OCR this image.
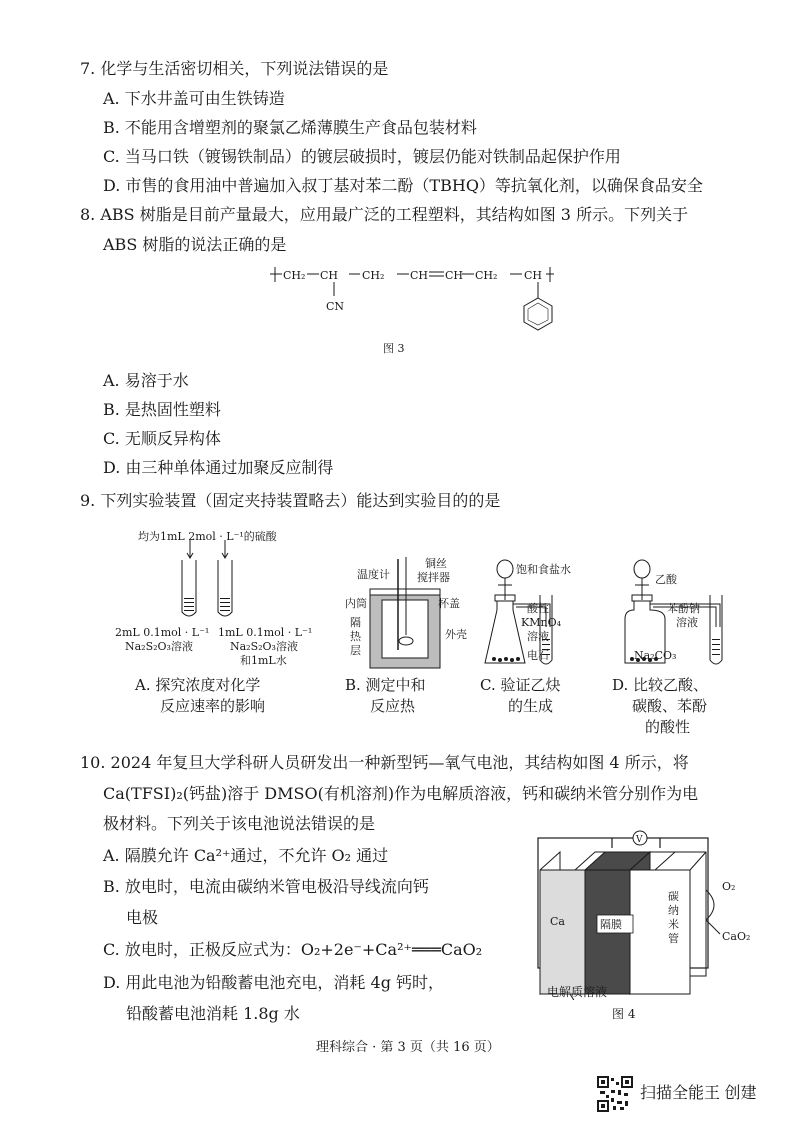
7. 化学与生活密切相关，下列说法错误的是
A. 下水井盖可由生铁铸造
B. 不能用含增塑剂的聚氯乙烯薄膜生产食品包装材料
C. 当马口铁（镀锡铁制品）的镀层破损时，镀层仍能对铁制品起保护作用
D. 市售的食用油中普遍加入叔丁基对苯二酚（TBHQ）等抗氧化剂，以确保食品安全
8. ABS 树脂是目前产量最大，应用最广泛的工程塑料，其结构如图 3 所示。下列关于
ABS 树脂的说法正确的是
CH₂ CH CH₂ CH CH CH₂ CH
CN
图 3
A. 易溶于水
B. 是热固性塑料
C. 无顺反异构体
D. 由三种单体通过加聚反应制得
9. 下列实验装置（固定夹持装置略去）能达到实验目的的是
均为1mL 2mol · L⁻¹的硫酸
2mL 0.1mol · L⁻¹
Na₂S₂O₃溶液
1mL 0.1mol · L⁻¹
Na₂S₂O₃溶液
和1mL水
A. 探究浓度对化学
反应速率的影响
温度计
铜丝
搅拌器
内筒	杯盖
隔
热
层
外壳
B. 测定中和
反应热
饱和食盐水
酸性
KMnO₄
溶液
电石
C. 验证乙炔
的生成
乙酸
苯酚钠
溶液
Na₂CO₃
D. 比较乙酸、
碳酸、苯酚
的酸性
10. 2024 年复旦大学科研人员研发出一种新型钙—氧气电池，其结构如图 4 所示，将
Ca(TFSI)₂(钙盐)溶于 DMSO(有机溶剂)作为电解质溶液，钙和碳纳米管分别作为电
极材料。下列关于该电池说法错误的是
A. 隔膜允许 Ca²⁺通过，不允许 O₂ 通过
B. 放电时，电流由碳纳米管电极沿导线流向钙
电极
C. 放电时，正极反应式为：O₂+2e⁻+Ca²⁺═══CaO₂
D. 用此电池为铅酸蓄电池充电，消耗 4g 钙时，
铅酸蓄电池消耗 1.8g 水
V
隔膜
Ca
碳
纳
米
管
O₂
CaO₂
电解质溶液
图 4
理科综合 · 第 3 页（共 16 页）
扫描全能王 创建
